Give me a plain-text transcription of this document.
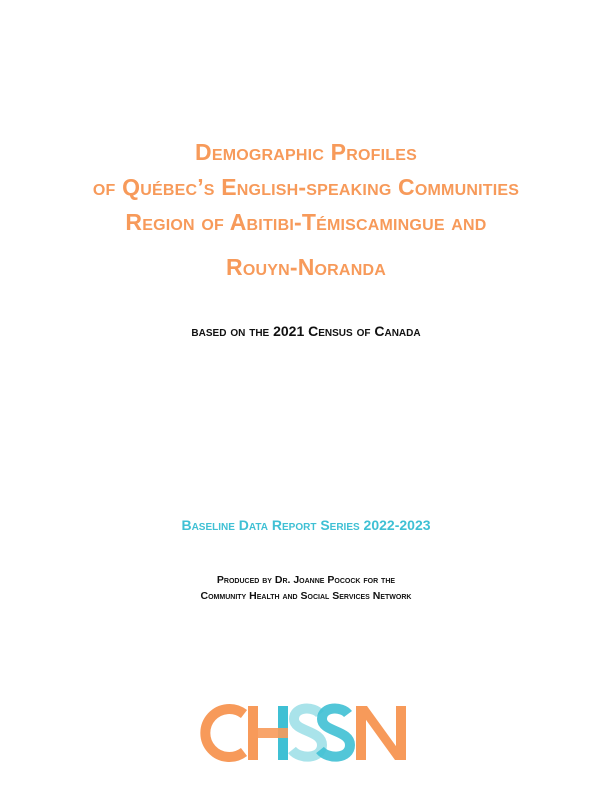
Demographic Profiles
of Québec’s English-speaking Communities
Region of Abitibi-Témiscamingue and
Rouyn-Noranda
based on the 2021 Census of Canada
Baseline Data Report Series 2022-2023
Produced by Dr. Joanne Pocock for the
Community Health and Social Services Network
